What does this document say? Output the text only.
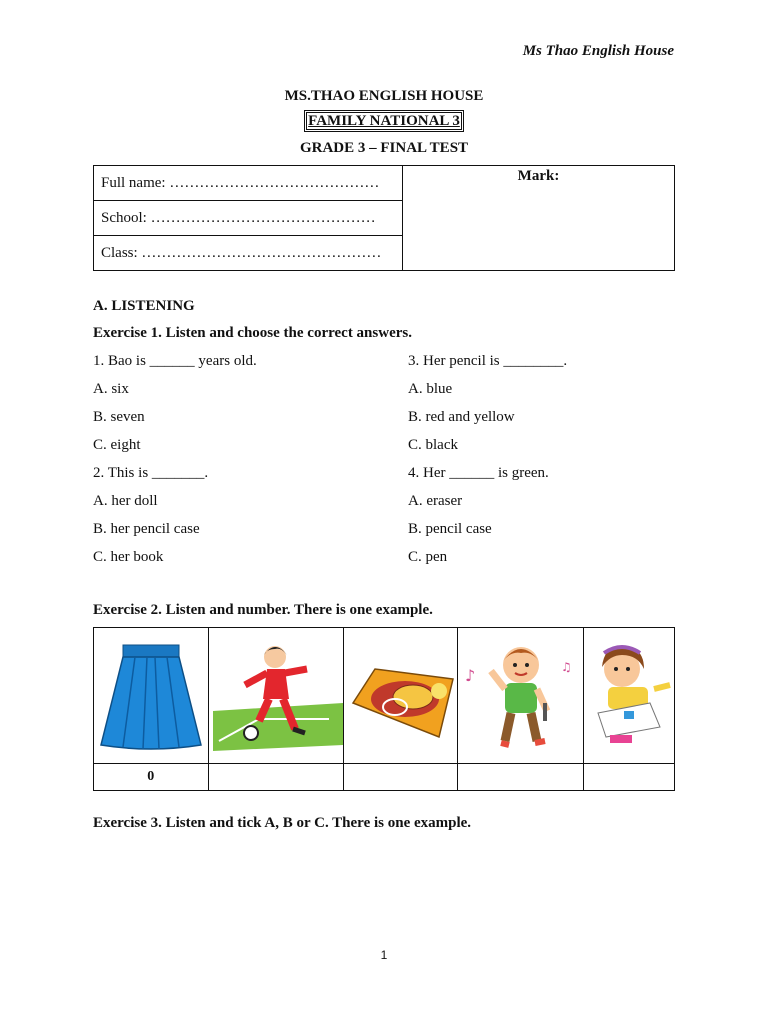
Ms Thao English House
MS.THAO ENGLISH HOUSE
FAMILY NATIONAL 3
GRADE 3 – FINAL TEST
Full name: ……………………………………	Mark:
School: ………………………………………
Class: …………………………………………
A. LISTENING
Exercise 1. Listen and choose the correct answers.
1. Bao is ______ years old.
A. six
B. seven
C. eight
2. This is _______.
A. her doll
B. her pencil case
C. her book
3. Her pencil is ________.
A. blue
B. red and yellow
C. black
4. Her ______ is green.
A. eraser
B. pencil case
C. pen
Exercise 2. Listen and number. There is one example.

♪ ♫

0				
Exercise 3. Listen and tick A, B or C. There is one example.
1
